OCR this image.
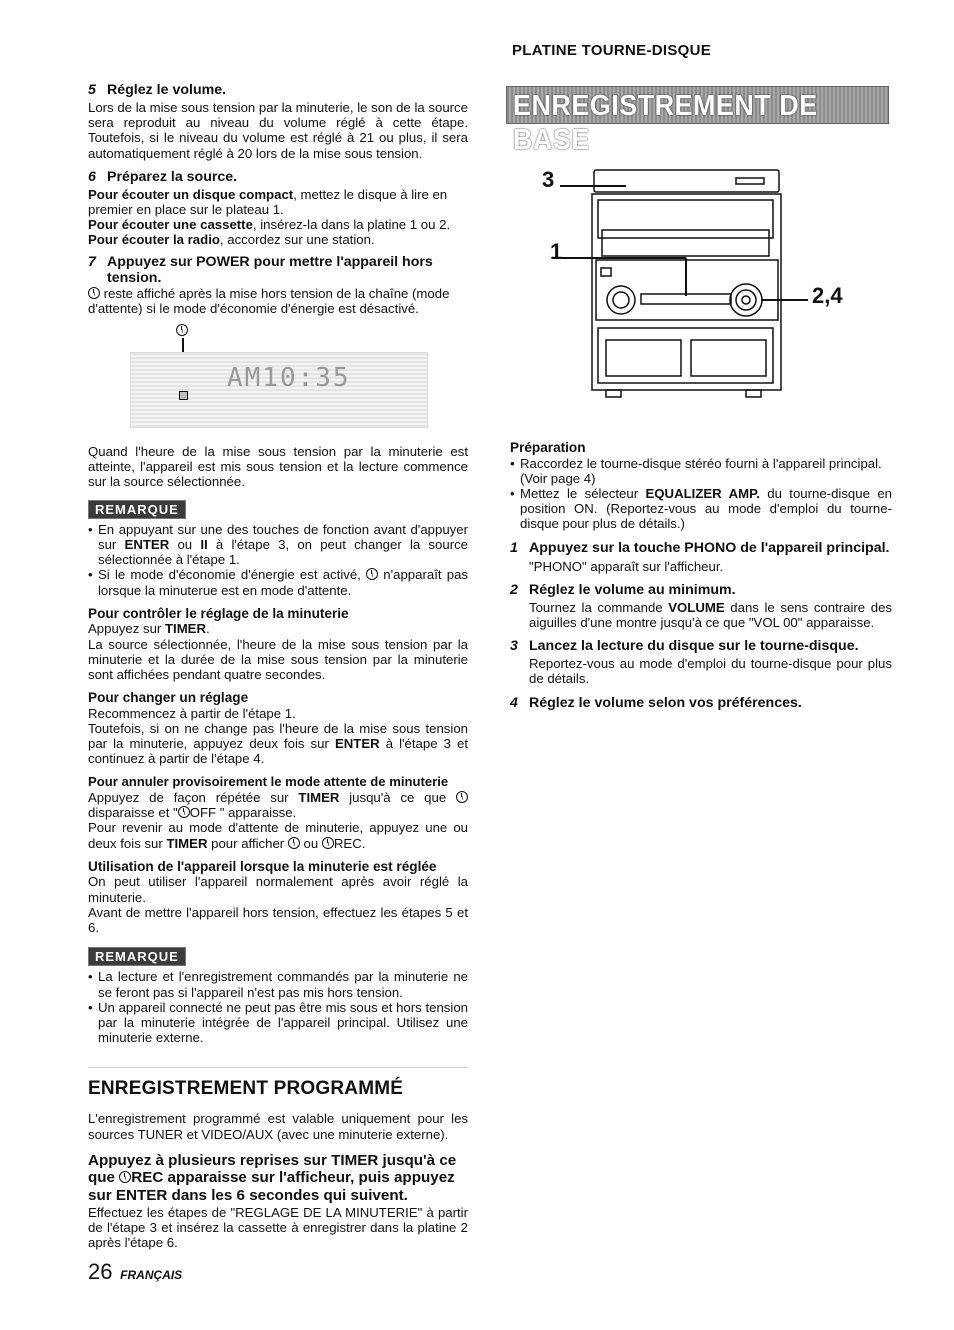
PLATINE TOURNE-DISQUE
ENREGISTREMENT DE BASE
3
1
2,4
5 Réglez le volume.

Lors de la mise sous tension par la minuterie, le son de la source sera reproduit au niveau du volume réglé à cette étape. Toutefois, si le niveau du volume est réglé à 21 ou plus, il sera automatiquement réglé à 20 lors de la mise sous tension.

6 Préparez la source.

Pour écouter un disque compact, mettez le disque à lire en premier en place sur le plateau 1.

Pour écouter une cassette, insérez-la dans la platine 1 ou 2.

Pour écouter la radio, accordez sur une station.

7 Appuyez sur POWER pour mettre l'appareil hors tension.

reste affiché après la mise hors tension de la chaîne (mode d'attente) si le mode d'économie d'énergie est désactivé.

AM10:35

Quand l'heure de la mise sous tension par la minuterie est atteinte, l'appareil est mis sous tension et la lecture commence sur la source sélectionnée.

REMARQUE
• En appuyant sur une des touches de fonction avant d'appuyer sur ENTER ou II à l'étape 3, on peut changer la source sélectionnée à l'étape 1.

• Si le mode d'économie d'énergie est activé,  n'apparaît pas lorsque la minuterue est en mode d'attente.

Pour contrôler le réglage de la minuterie

Appuyez sur TIMER.

La source sélectionnée, l'heure de la mise sous tension par la minuterie et la durée de la mise sous tension par la minuterie sont affichées pendant quatre secondes.

Pour changer un réglage

Recommencez à partir de l'étape 1.

Toutefois, si on ne change pas l'heure de la mise sous tension par la minuterie, appuyez deux fois sur ENTER à l'étape 3 et continuez à partir de l'étape 4.

Pour annuler provisoirement le mode attente de minuterie

Appuyez de façon répétée sur TIMER jusqu'à ce que  disparaisse et " OFF " apparaisse.

Pour revenir au mode d'attente de minuterie, appuyez une ou deux fois sur TIMER pour afficher  ou REC.

Utilisation de l'appareil lorsque la minuterie est réglée

On peut utiliser l'appareil normalement après avoir réglé la minuterie.

Avant de mettre l'appareil hors tension, effectuez les étapes 5 et 6.

REMARQUE
• La lecture et l'enregistrement commandés par la minuterie ne se feront pas si l'appareil n'est pas mis hors tension.

• Un appareil connecté ne peut pas être mis sous et hors tension par la minuterie intégrée de l'appareil principal. Utilisez une minuterie externe.

ENREGISTREMENT PROGRAMMÉ

L'enregistrement programmé est valable uniquement pour les sources TUNER et VIDEO/AUX (avec une minuterie externe).

Appuyez à plusieurs reprises sur TIMER jusqu'à ce que REC apparaisse sur l'afficheur, puis appuyez sur ENTER dans les 6 secondes qui suivent.

Effectuez les étapes de "REGLAGE DE LA MINUTERIE" à partir de l'étape 3 et insérez la cassette à enregistrer dans la platine 2 après l'étape 6.

26 FRANÇAIS
Préparation
• Raccordez le tourne-disque stéréo fourni à l'appareil principal. (Voir page 4)

• Mettez le sélecteur EQUALIZER AMP. du tourne-disque en position ON. (Reportez-vous au mode d'emploi du tourne-disque pour plus de détails.)

1 Appuyez sur la touche PHONO de l'appareil principal.

"PHONO" apparaît sur l'afficheur.

2 Réglez le volume au minimum.

Tournez la commande VOLUME dans le sens contraire des aiguilles d'une montre jusqu'à ce que "VOL 00" apparaisse.

3 Lancez la lecture du disque sur le tourne-disque.

Reportez-vous au mode d'emploi du tourne-disque pour plus de détails.

4 Réglez le volume selon vos préférences.
